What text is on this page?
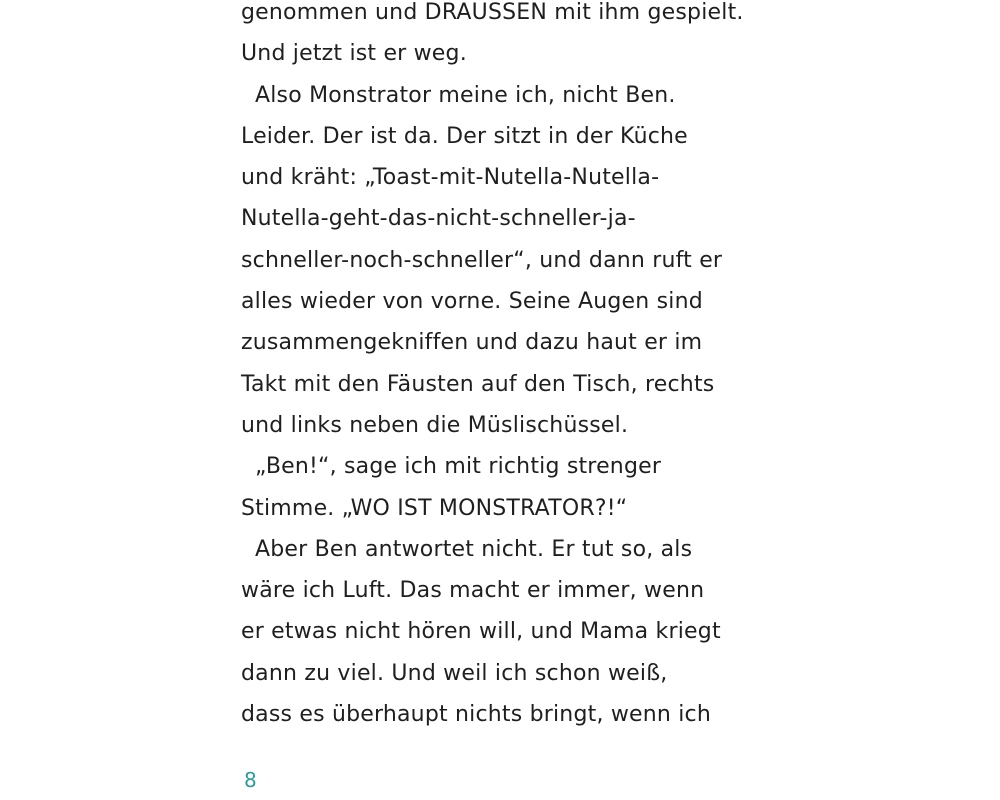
genommen und DRAUSSEN mit ihm gespielt.
Und jetzt ist er weg.
Also Monstrator meine ich, nicht Ben.
Leider. Der ist da. Der sitzt in der Küche
und kräht: „Toast-mit-Nutella-Nutella-
Nutella-geht-das-nicht-schneller-ja-
schneller-noch-schneller“, und dann ruft er
alles wieder von vorne. Seine Augen sind
zusammengekniffen und dazu haut er im
Takt mit den Fäusten auf den Tisch, rechts
und links neben die Müslischüssel.
„Ben!“, sage ich mit richtig strenger
Stimme. „WO IST MONSTRATOR?!“
Aber Ben antwortet nicht. Er tut so, als
wäre ich Luft. Das macht er immer, wenn
er etwas nicht hören will, und Mama kriegt
dann zu viel. Und weil ich schon weiß,
dass es überhaupt nichts bringt, wenn ich
8
